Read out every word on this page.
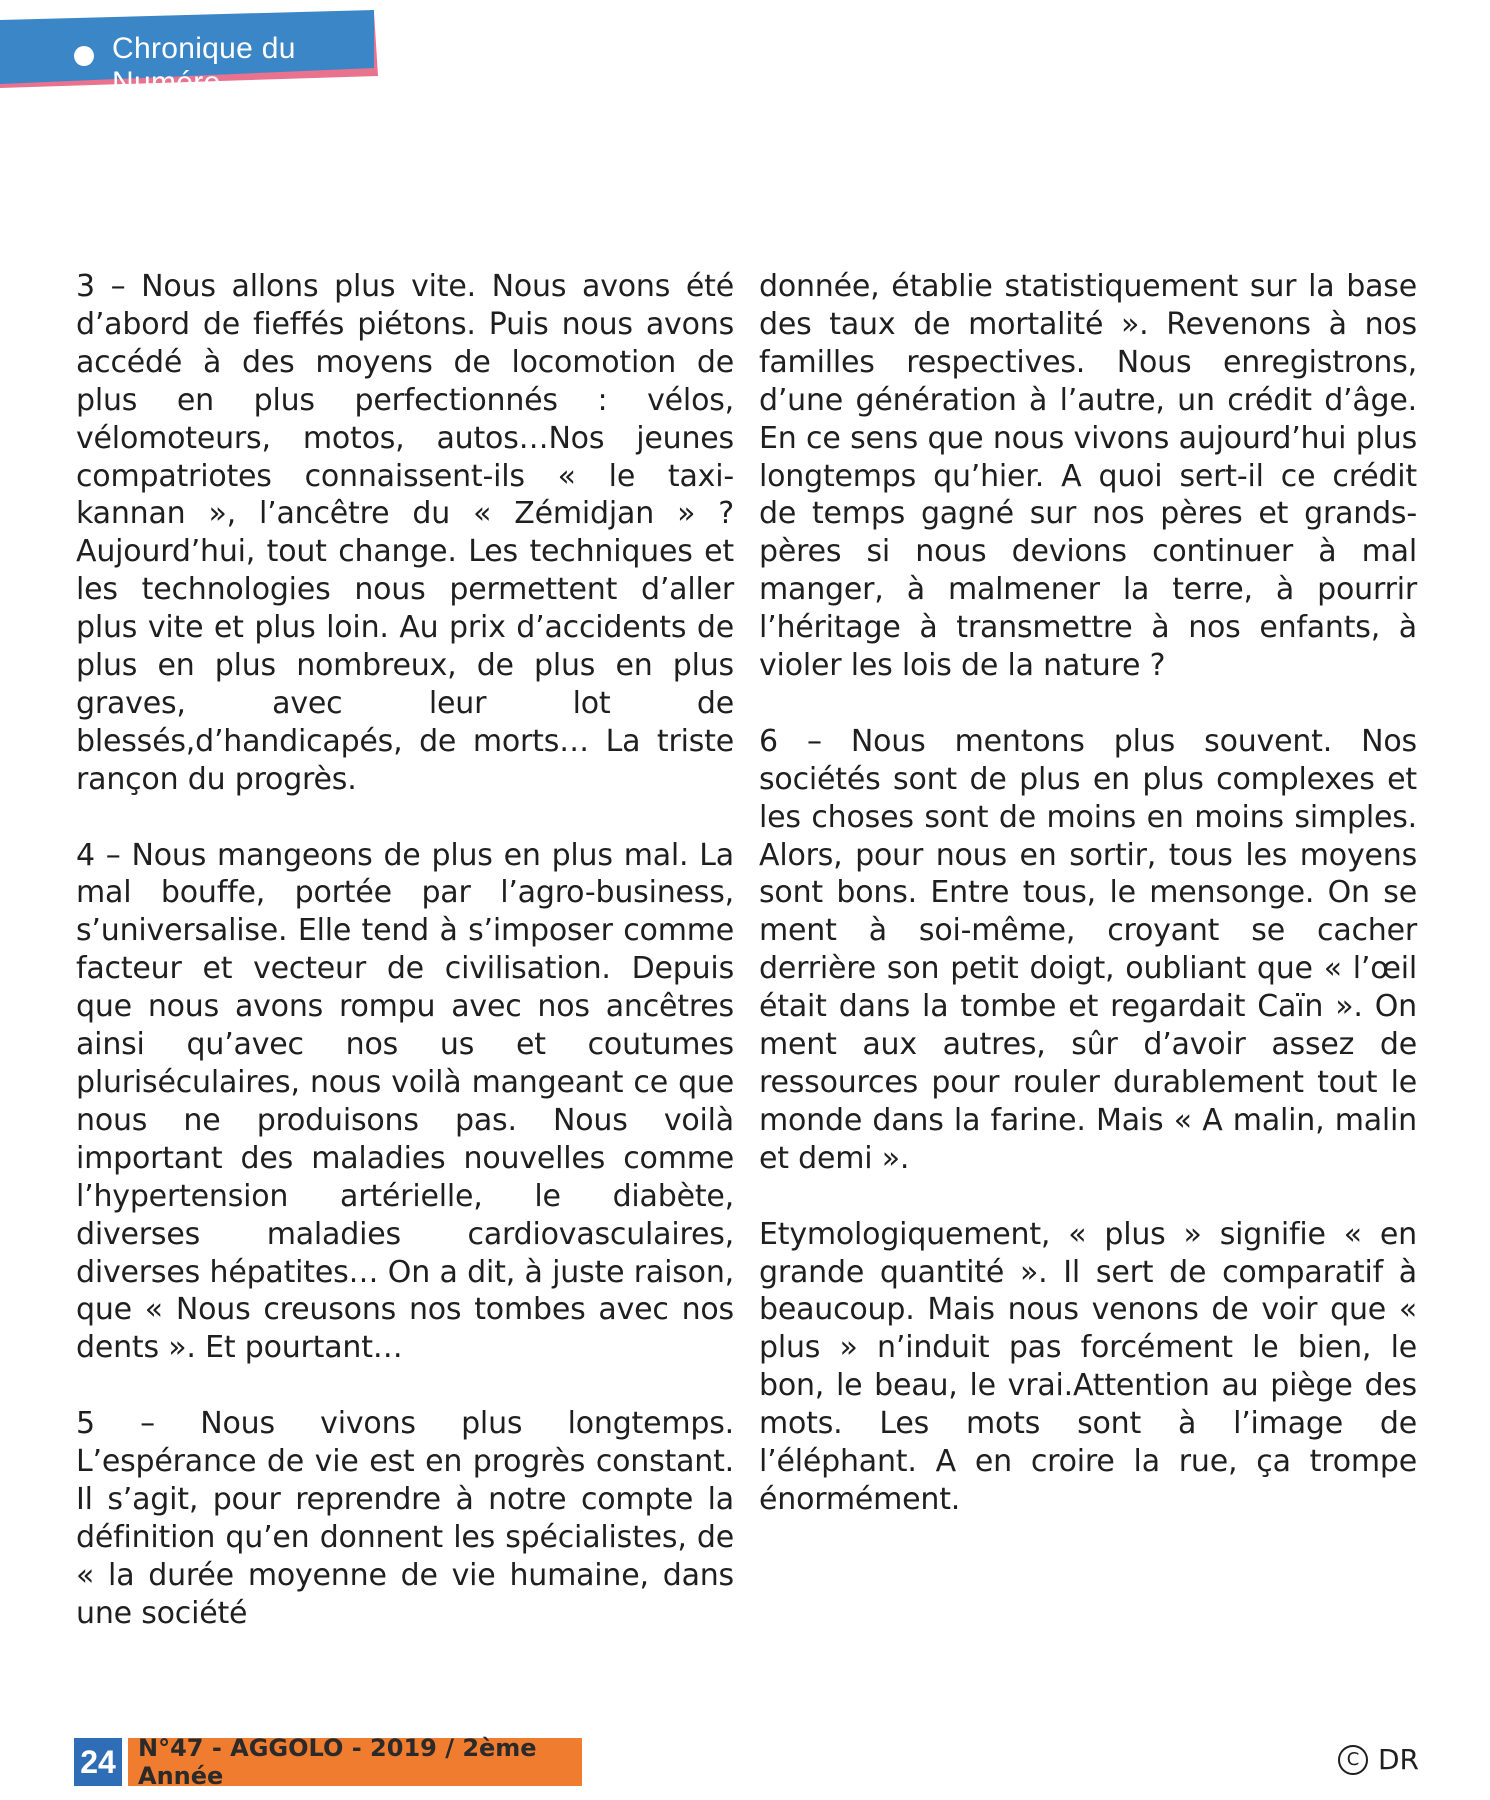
Chronique du Numéro

3 – Nous allons plus vite. Nous avons été d’abord de fieffés piétons. Puis nous avons accédé à des moyens de locomotion de plus en plus perfectionnés : vélos, vélomoteurs, motos, autos…Nos jeunes compatriotes connaissent-ils « le taxi-kannan », l’ancêtre du « Zémidjan » ? Aujourd’hui, tout change. Les techniques et les technologies nous permettent d’aller plus vite et plus loin. Au prix d’accidents de plus en plus nombreux, de plus en plus graves, avec leur lot de blessés,d’handicapés, de morts… La triste rançon du progrès.

4 – Nous mangeons de plus en plus mal. La mal bouffe, portée par l’agro-business, s’universalise. Elle tend à s’imposer comme facteur et vecteur de civilisation. Depuis que nous avons rompu avec nos ancêtres ainsi qu’avec nos us et coutumes pluriséculaires, nous voilà mangeant ce que nous ne produisons pas. Nous voilà important des maladies nouvelles comme l’hypertension artérielle, le diabète, diverses maladies cardiovasculaires, diverses hépatites… On a dit, à juste raison, que « Nous creusons nos tombes avec nos dents ». Et pourtant…

5 – Nous vivons plus longtemps. L’espérance de vie est en progrès constant. Il s’agit, pour reprendre à notre compte la définition qu’en donnent les spécialistes, de « la durée moyenne de vie humaine, dans une société

donnée, établie statistiquement sur la base des taux de mortalité ». Revenons à nos familles respectives. Nous enregistrons, d’une génération à l’autre, un crédit d’âge. En ce sens que nous vivons aujourd’hui plus longtemps qu’hier. A quoi sert-il ce crédit de temps gagné sur nos pères et grands-pères si nous devions continuer à mal manger, à malmener la terre, à pourrir l’héritage à transmettre à nos enfants, à violer les lois de la nature ?

6 – Nous mentons plus souvent. Nos sociétés sont de plus en plus complexes et les choses sont de moins en moins simples. Alors, pour nous en sortir, tous les moyens sont bons. Entre tous, le mensonge. On se ment à soi-même, croyant se cacher derrière son petit doigt, oubliant que « l’œil était dans la tombe et regardait Caïn ». On ment aux autres, sûr d’avoir assez de ressources pour rouler durablement tout le monde dans la farine. Mais « A malin, malin et demi ».

Etymologiquement, « plus » signifie « en grande quantité ». Il sert de comparatif à beaucoup. Mais nous venons de voir que « plus » n’induit pas forcément le bien, le bon, le beau, le vrai.Attention au piège des mots. Les mots sont à l’image de l’éléphant. A en croire la rue, ça trompe énormément.

24 N°47 - AGGOLO - 2019 / 2ème Année
C DR
